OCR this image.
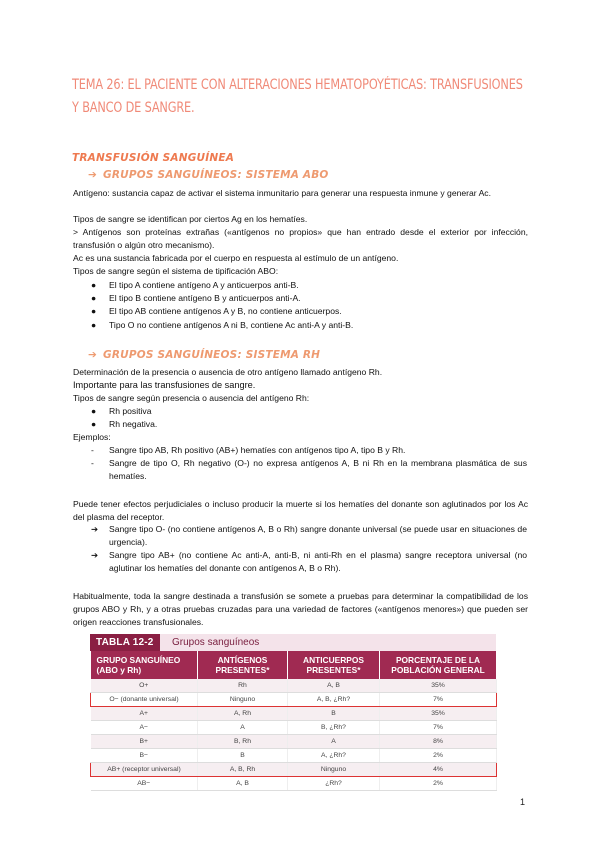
TEMA 26: EL PACIENTE CON ALTERACIONES HEMATOPOYÉTICAS: TRANSFUSIONES Y BANCO DE SANGRE.
TRANSFUSIÓN SANGUÍNEA
➔ GRUPOS SANGUÍNEOS: SISTEMA ABO
Antígeno: sustancia capaz de activar el sistema inmunitario para generar una respuesta inmune y generar Ac.
Tipos de sangre se identifican por ciertos Ag en los hematíes.
> Antígenos son proteínas extrañas («antígenos no propios» que han entrado desde el exterior por infección, transfusión o algún otro mecanismo).
Ac es una sustancia fabricada por el cuerpo en respuesta al estímulo de un antígeno.
Tipos de sangre según el sistema de tipificación ABO:
● El tipo A contiene antígeno A y anticuerpos anti-B.
● El tipo B contiene antígeno B y anticuerpos anti-A.
● El tipo AB contiene antígenos A y B, no contiene anticuerpos.
● Tipo O no contiene antígenos A ni B, contiene Ac anti-A y anti-B.
➔ GRUPOS SANGUÍNEOS: SISTEMA RH
Determinación de la presencia o ausencia de otro antígeno llamado antígeno Rh.
Importante para las transfusiones de sangre.
Tipos de sangre según presencia o ausencia del antígeno Rh:
● Rh positiva
● Rh negativa.
Ejemplos:
- Sangre tipo AB, Rh positivo (AB+) hematíes con antígenos tipo A, tipo B y Rh.
- Sangre de tipo O, Rh negativo (O-) no expresa antígenos A, B ni Rh en la membrana plasmática de sus hematíes.
Puede tener efectos perjudiciales o incluso producir la muerte si los hematíes del donante son aglutinados por los Ac del plasma del receptor.
➔ Sangre tipo O- (no contiene antígenos A, B o Rh) sangre donante universal (se puede usar en situaciones de urgencia).
➔ Sangre tipo AB+ (no contiene Ac anti-A, anti-B, ni anti-Rh en el plasma) sangre receptora universal (no aglutinar los hematíes del donante con antígenos A, B o Rh).
Habitualmente, toda la sangre destinada a transfusión se somete a pruebas para determinar la compatibilidad de los grupos ABO y Rh, y a otras pruebas cruzadas para una variedad de factores («antígenos menores») que pueden ser origen reacciones transfusionales.
TABLA 12-2	Grupos sanguíneos
GRUPO SANGUÍNEO (ABO y Rh)	ANTÍGENOS PRESENTES*	ANTICUERPOS PRESENTES*	PORCENTAJE DE LA POBLACIÓN GENERAL
O+	Rh	A, B	35%
O− (donante universal)	Ninguno	A, B, ¿Rh?	7%
A+	A, Rh	B	35%
A−	A	B, ¿Rh?	7%
B+	B, Rh	A	8%
B−	B	A, ¿Rh?	2%
AB+ (receptor universal)	A, B, Rh	Ninguno	4%
AB−	A, B	¿Rh?	2%
1
